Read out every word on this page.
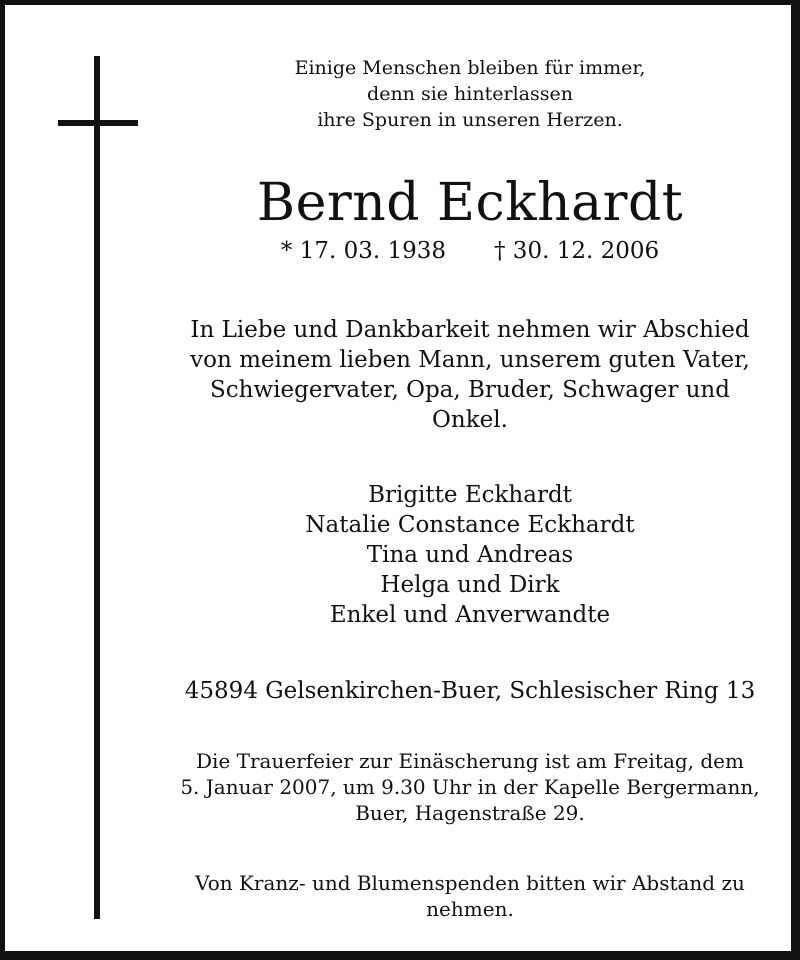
Einige Menschen bleiben für immer,
denn sie hinterlassen
ihre Spuren in unseren Herzen.
Bernd Eckhardt
* 17. 03. 1938 † 30. 12. 2006
In Liebe und Dankbarkeit nehmen wir Abschied
von meinem lieben Mann, unserem guten Vater,
Schwiegervater, Opa, Bruder, Schwager und
Onkel.
Brigitte Eckhardt
Natalie Constance Eckhardt
Tina und Andreas
Helga und Dirk
Enkel und Anverwandte
45894 Gelsenkirchen-Buer, Schlesischer Ring 13
Die Trauerfeier zur Einäscherung ist am Freitag, dem
5. Januar 2007, um 9.30 Uhr in der Kapelle Bergermann,
Buer, Hagenstraße 29.
Von Kranz- und Blumenspenden bitten wir Abstand zu
nehmen.
